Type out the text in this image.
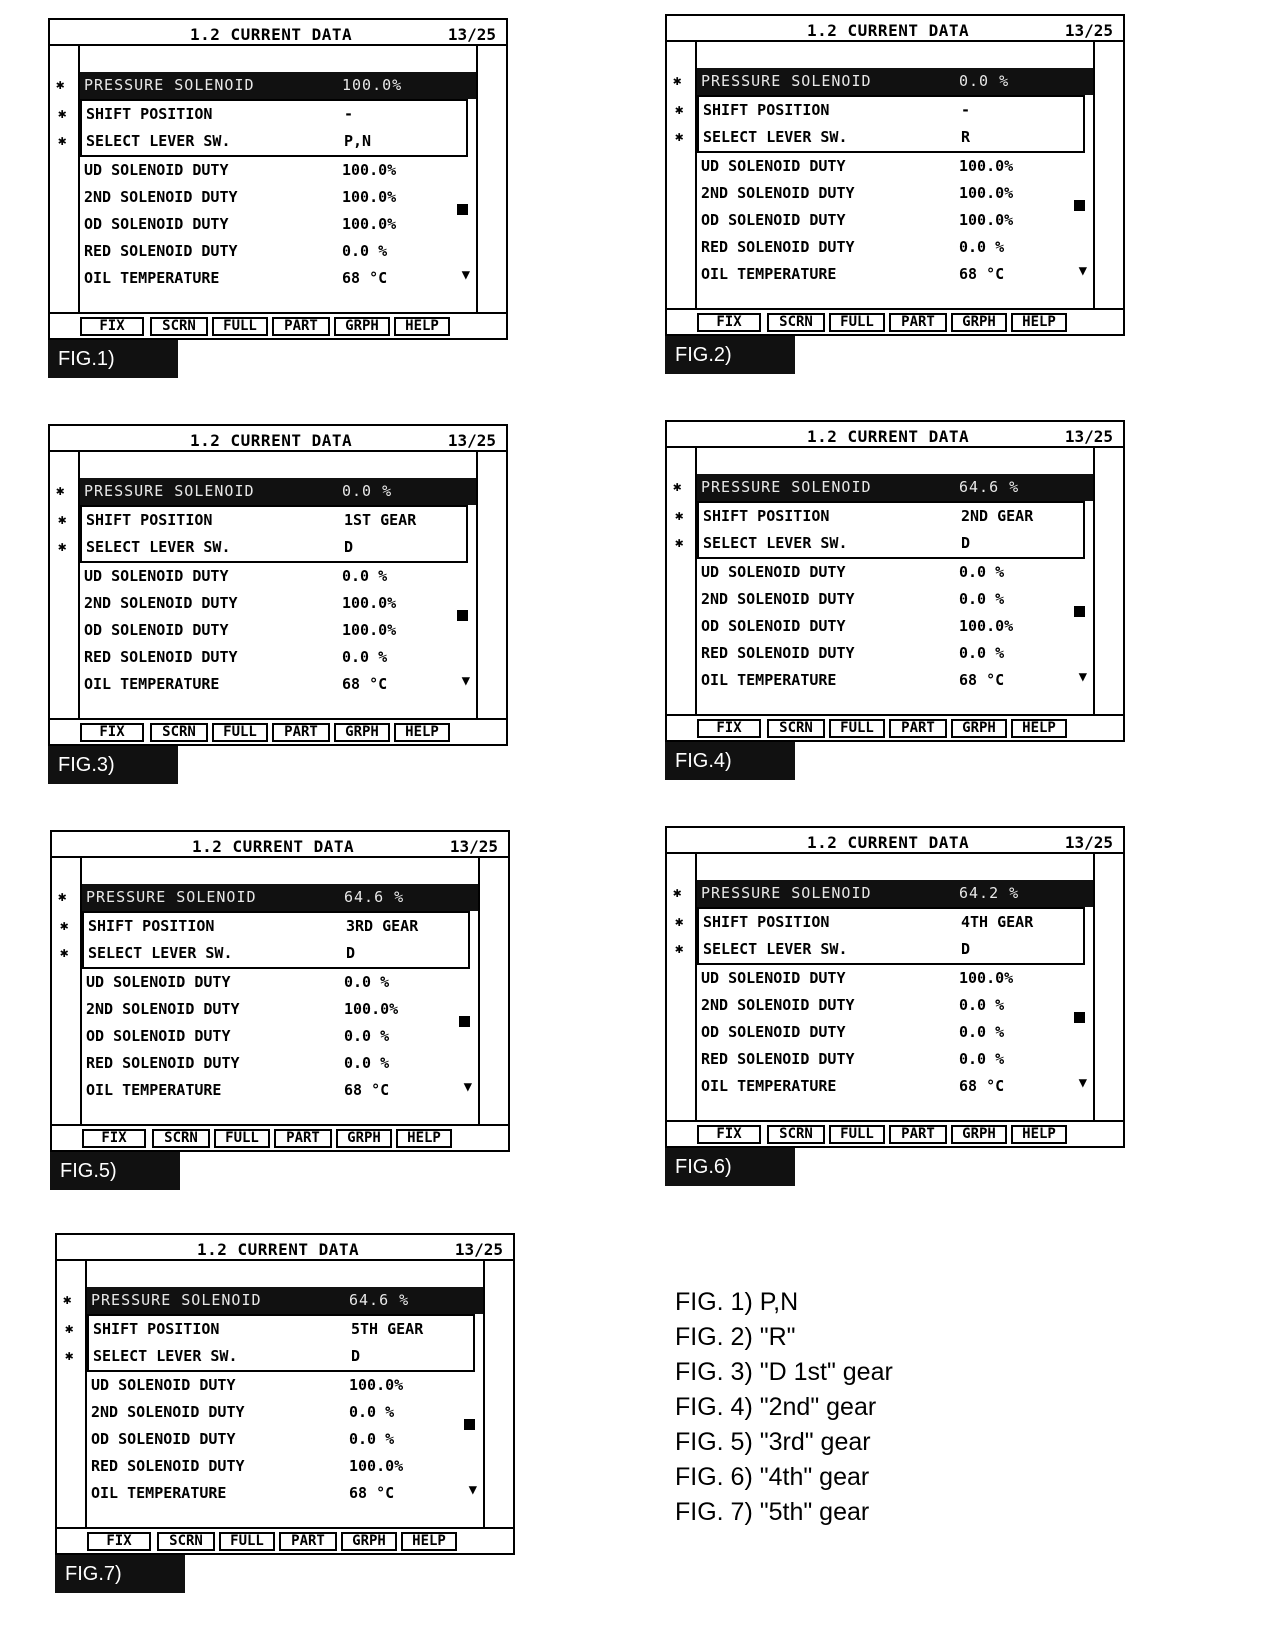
1.2 CURRENT DATA	13/25
▼
✱ PRESSURE SOLENOID	100.0%
✱ SHIFT POSITION	-
✱ SELECT LEVER SW.	P,N
UD SOLENOID DUTY	100.0%
2ND SOLENOID DUTY	100.0%
OD SOLENOID DUTY	100.0%
RED SOLENOID DUTY	0.0 %
OIL TEMPERATURE	68 °C
FIX	SCRN	FULL	PART	GRPH	HELP
FIG.1)
1.2 CURRENT DATA	13/25
▼
✱ PRESSURE SOLENOID	0.0 %
✱ SHIFT POSITION	-
✱ SELECT LEVER SW.	R
UD SOLENOID DUTY	100.0%
2ND SOLENOID DUTY	100.0%
OD SOLENOID DUTY	100.0%
RED SOLENOID DUTY	0.0 %
OIL TEMPERATURE	68 °C
FIX	SCRN	FULL	PART	GRPH	HELP
FIG.2)
1.2 CURRENT DATA	13/25
▼
✱ PRESSURE SOLENOID	0.0 %
✱ SHIFT POSITION	1ST GEAR
✱ SELECT LEVER SW.	D
UD SOLENOID DUTY	0.0 %
2ND SOLENOID DUTY	100.0%
OD SOLENOID DUTY	100.0%
RED SOLENOID DUTY	0.0 %
OIL TEMPERATURE	68 °C
FIX	SCRN	FULL	PART	GRPH	HELP
FIG.3)
1.2 CURRENT DATA	13/25
▼
✱ PRESSURE SOLENOID	64.6 %
✱ SHIFT POSITION	2ND GEAR
✱ SELECT LEVER SW.	D
UD SOLENOID DUTY	0.0 %
2ND SOLENOID DUTY	0.0 %
OD SOLENOID DUTY	100.0%
RED SOLENOID DUTY	0.0 %
OIL TEMPERATURE	68 °C
FIX	SCRN	FULL	PART	GRPH	HELP
FIG.4)
1.2 CURRENT DATA	13/25
▼
✱ PRESSURE SOLENOID	64.6 %
✱ SHIFT POSITION	3RD GEAR
✱ SELECT LEVER SW.	D
UD SOLENOID DUTY	0.0 %
2ND SOLENOID DUTY	100.0%
OD SOLENOID DUTY	0.0 %
RED SOLENOID DUTY	0.0 %
OIL TEMPERATURE	68 °C
FIX	SCRN	FULL	PART	GRPH	HELP
FIG.5)
1.2 CURRENT DATA	13/25
▼
✱ PRESSURE SOLENOID	64.2 %
✱ SHIFT POSITION	4TH GEAR
✱ SELECT LEVER SW.	D
UD SOLENOID DUTY	100.0%
2ND SOLENOID DUTY	0.0 %
OD SOLENOID DUTY	0.0 %
RED SOLENOID DUTY	0.0 %
OIL TEMPERATURE	68 °C
FIX	SCRN	FULL	PART	GRPH	HELP
FIG.6)
1.2 CURRENT DATA	13/25
▼
✱ PRESSURE SOLENOID	64.6 %
✱ SHIFT POSITION	5TH GEAR
✱ SELECT LEVER SW.	D
UD SOLENOID DUTY	100.0%
2ND SOLENOID DUTY	0.0 %
OD SOLENOID DUTY	0.0 %
RED SOLENOID DUTY	100.0%
OIL TEMPERATURE	68 °C
FIX	SCRN	FULL	PART	GRPH	HELP
FIG.7)
FIG. 1) P,N
FIG. 2) "R"
FIG. 3) "D 1st" gear
FIG. 4) "2nd" gear
FIG. 5) "3rd" gear
FIG. 6) "4th" gear
FIG. 7) "5th" gear
